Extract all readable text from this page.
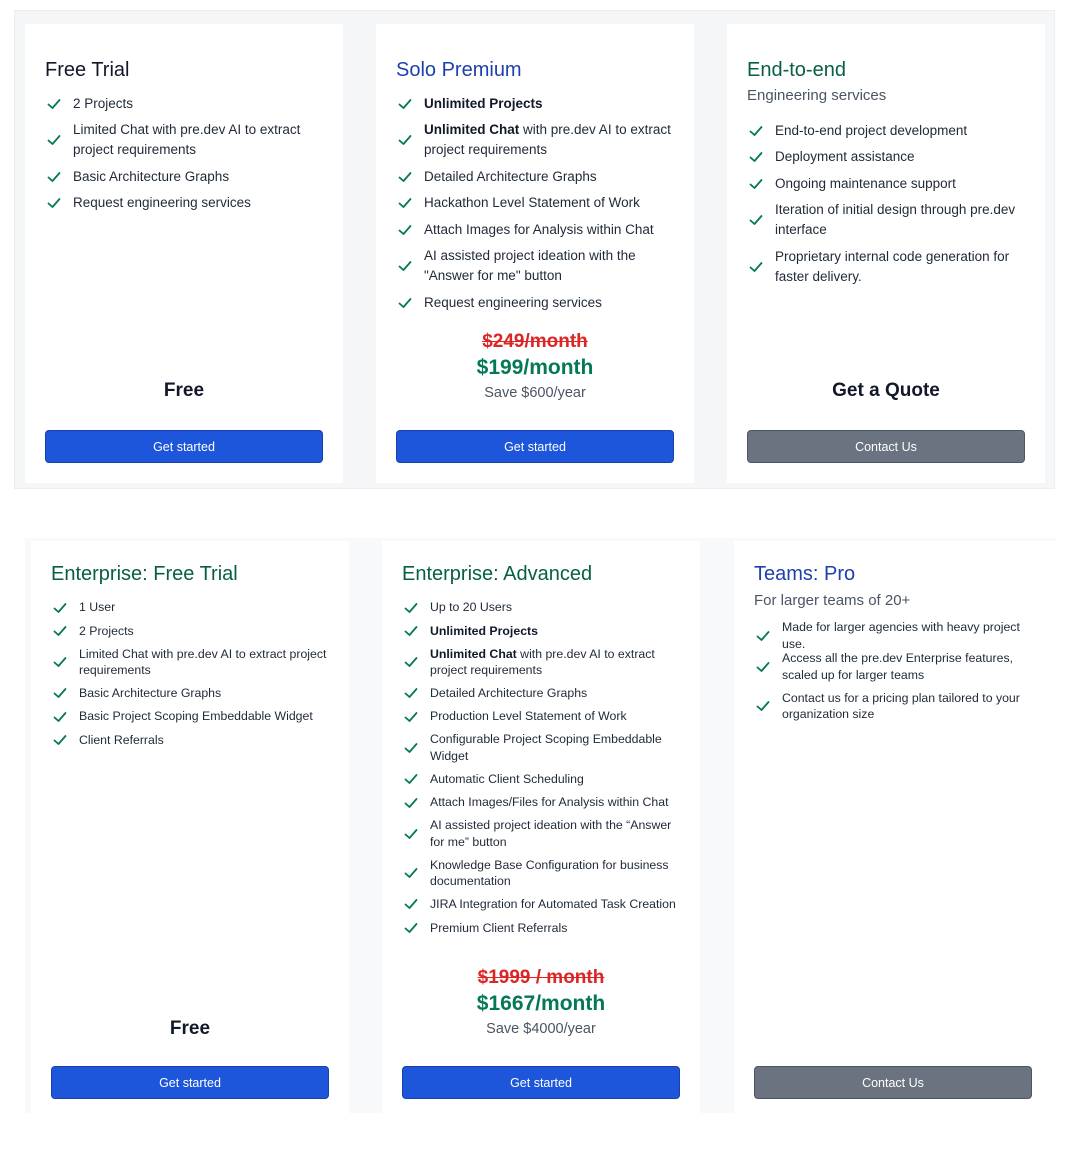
Free Trial
2 Projects
Limited Chat with pre.dev AI to extract project requirements
Basic Architecture Graphs
Request engineering services
Free
Get started
Solo Premium
Unlimited Projects
Unlimited Chat with pre.dev AI to extract project requirements
Detailed Architecture Graphs
Hackathon Level Statement of Work
Attach Images for Analysis within Chat
AI assisted project ideation with the "Answer for me" button
Request engineering services
$249/month
$199/month
Save $600/year
Get started
End-to-end
Engineering services
End-to-end project development
Deployment assistance
Ongoing maintenance support
Iteration of initial design through pre.dev interface
Proprietary internal code generation for faster delivery.
Get a Quote
Contact Us
Enterprise: Free Trial
1 User
2 Projects
Limited Chat with pre.dev AI to extract project requirements
Basic Architecture Graphs
Basic Project Scoping Embeddable Widget
Client Referrals
Free
Get started
Enterprise: Advanced
Up to 20 Users
Unlimited Projects
Unlimited Chat with pre.dev AI to extract project requirements
Detailed Architecture Graphs
Production Level Statement of Work
Configurable Project Scoping Embeddable Widget
Automatic Client Scheduling
Attach Images/Files for Analysis within Chat
AI assisted project ideation with the “Answer for me” button
Knowledge Base Configuration for business documentation
JIRA Integration for Automated Task Creation
Premium Client Referrals
$1999 / month
$1667/month
Save $4000/year
Get started
Teams: Pro
For larger teams of 20+
Made for larger agencies with heavy project use.
Access all the pre.dev Enterprise features, scaled up for larger teams
Contact us for a pricing plan tailored to your organization size
Contact Us
